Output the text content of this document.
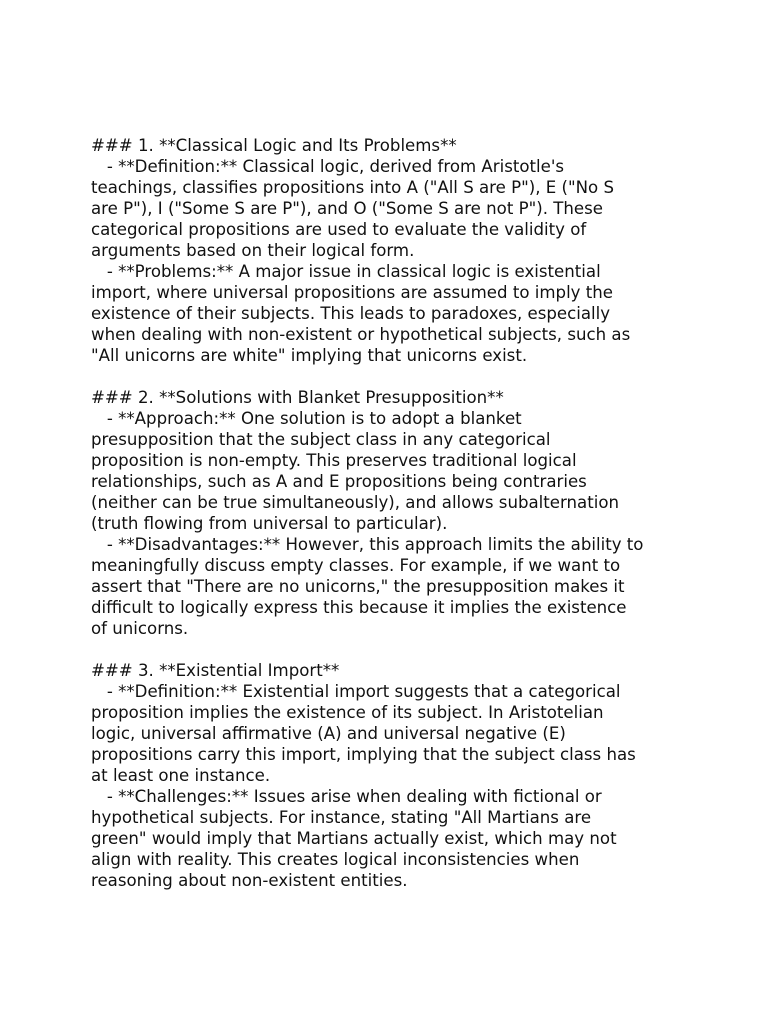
### 1. **Classical Logic and Its Problems**
- **Definition:** Classical logic, derived from Aristotle's
teachings, classifies propositions into A ("All S are P"), E ("No S
are P"), I ("Some S are P"), and O ("Some S are not P"). These
categorical propositions are used to evaluate the validity of
arguments based on their logical form.
- **Problems:** A major issue in classical logic is existential
import, where universal propositions are assumed to imply the
existence of their subjects. This leads to paradoxes, especially
when dealing with non-existent or hypothetical subjects, such as
"All unicorns are white" implying that unicorns exist.
### 2. **Solutions with Blanket Presupposition**
- **Approach:** One solution is to adopt a blanket
presupposition that the subject class in any categorical
proposition is non-empty. This preserves traditional logical
relationships, such as A and E propositions being contraries
(neither can be true simultaneously), and allows subalternation
(truth flowing from universal to particular).
- **Disadvantages:** However, this approach limits the ability to
meaningfully discuss empty classes. For example, if we want to
assert that "There are no unicorns," the presupposition makes it
difficult to logically express this because it implies the existence
of unicorns.
### 3. **Existential Import**
- **Definition:** Existential import suggests that a categorical
proposition implies the existence of its subject. In Aristotelian
logic, universal affirmative (A) and universal negative (E)
propositions carry this import, implying that the subject class has
at least one instance.
- **Challenges:** Issues arise when dealing with fictional or
hypothetical subjects. For instance, stating "All Martians are
green" would imply that Martians actually exist, which may not
align with reality. This creates logical inconsistencies when
reasoning about non-existent entities.
